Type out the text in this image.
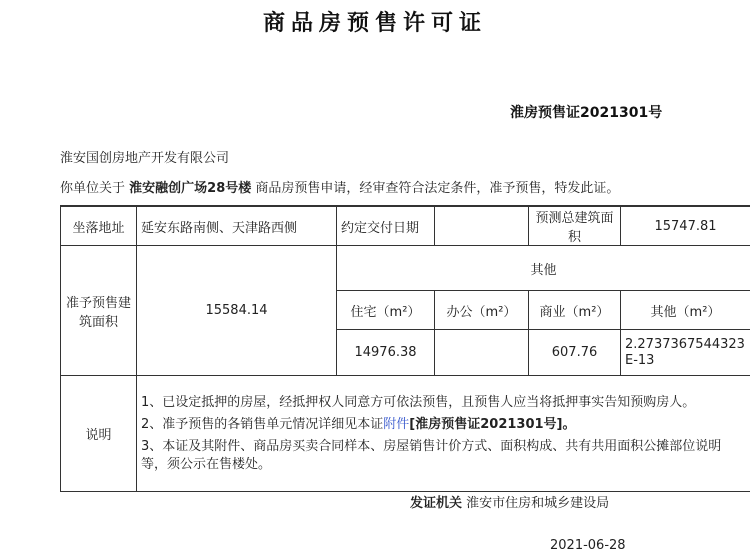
商品房预售许可证
淮房预售证2021301号
淮安国创房地产开发有限公司
你单位关于 淮安融创广场28号楼 商品房预售申请，经审查符合法定条件，准予预售，特发此证。
坐落地址	延安东路南侧、天津路西侧	约定交付日期		预测总建筑面积	15747.81
准予预售建筑面积	15584.14	其他			
		住宅（m²）	办公（m²）	商业（m²）	其他（m²）
		14976.38		607.76	2.2737367544323E-13
说明	1、已设定抵押的房屋，经抵押权人同意方可依法预售，且预售人应当将抵押事实告知预购房人。
2、准予预售的各销售单元情况详细见本证附件[淮房预售证2021301号]。
3、本证及其附件、商品房买卖合同样本、房屋销售计价方式、面积构成、共有共用面积公摊部位说明等，须公示在售楼处。				
发证机关 淮安市住房和城乡建设局
2021-06-28
